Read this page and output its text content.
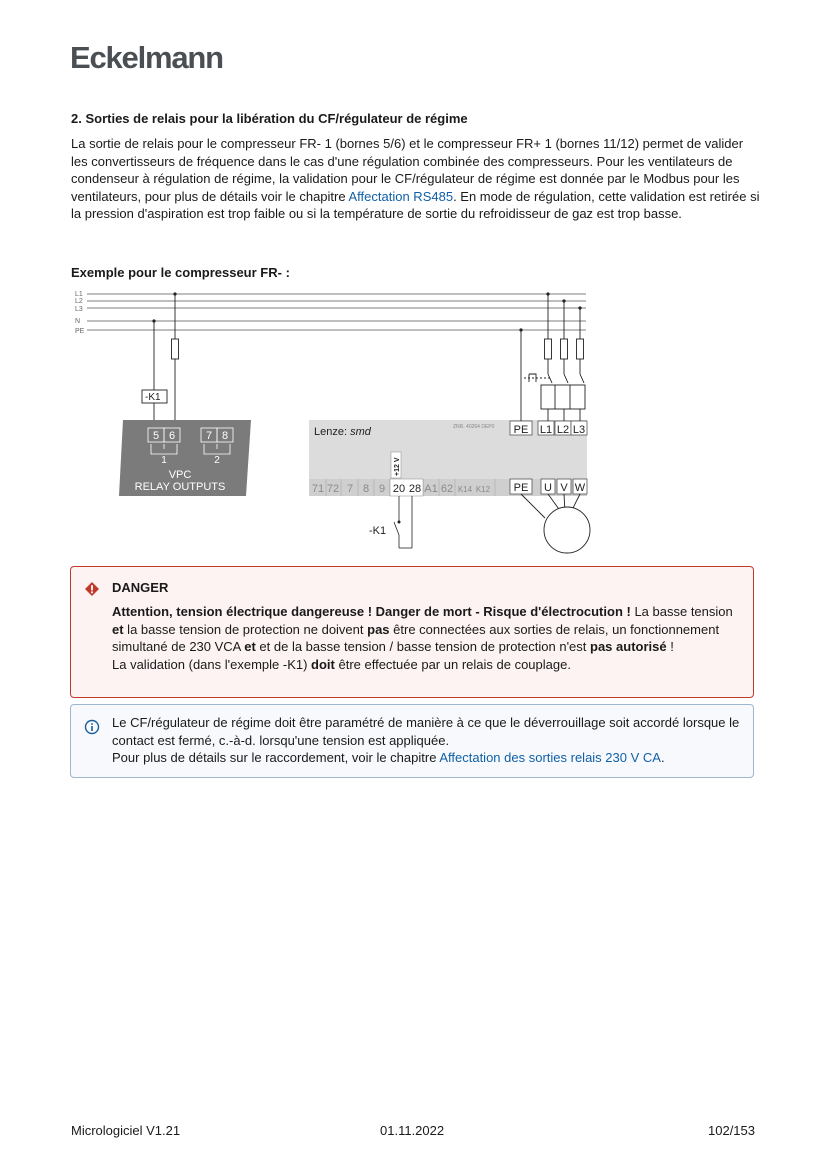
Eckelmann
2. Sorties de relais pour la libération du CF/régulateur de régime

La sortie de relais pour le compresseur FR- 1 (bornes 5/6) et le compresseur FR+ 1 (bornes 11/12) permet de valider les convertisseurs de fréquence dans le cas d'une régulation combinée des compresseurs. Pour les ventilateurs de condenseur à régulation de régime, la validation pour le CF/régulateur de régime est donnée par le Modbus pour les ventilateurs, pour plus de détails voir le chapitre Affectation RS485. En mode de régulation, cette validation est retirée si la pression d'aspiration est trop faible ou si la température de sortie du refroidisseur de gaz est trop basse.

Exemple pour le compresseur FR- :
L1
L2
L3
N
PE
-K1
5 6	7 8
1	2
VPC
RELAY OUTPUTS
Lenze: smd	ZNR. 40264 DEP0 PE L1 L2 L3
+12 V
71 72 7 8 9 20 28 A1 62 K14 K12 PE U V W
-K1
DANGER

Attention, tension électrique dangereuse ! Danger de mort - Risque d'électrocution ! La basse tension et la basse tension de protection ne doivent pas être connectées aux sorties de relais, un fonctionnement simultané de 230 VCA et et de la basse tension / basse tension de protection n'est pas autorisé !
La validation (dans l'exemple -K1) doit être effectuée par un relais de couplage.

Le CF/régulateur de régime doit être paramétré de manière à ce que le déverrouillage soit accordé lorsque le contact est fermé, c.-à-d. lorsqu'une tension est appliquée.
Pour plus de détails sur le raccordement, voir le chapitre Affectation des sorties relais 230 V CA.

Micrologiciel V1.21	01.11.2022	102/153
